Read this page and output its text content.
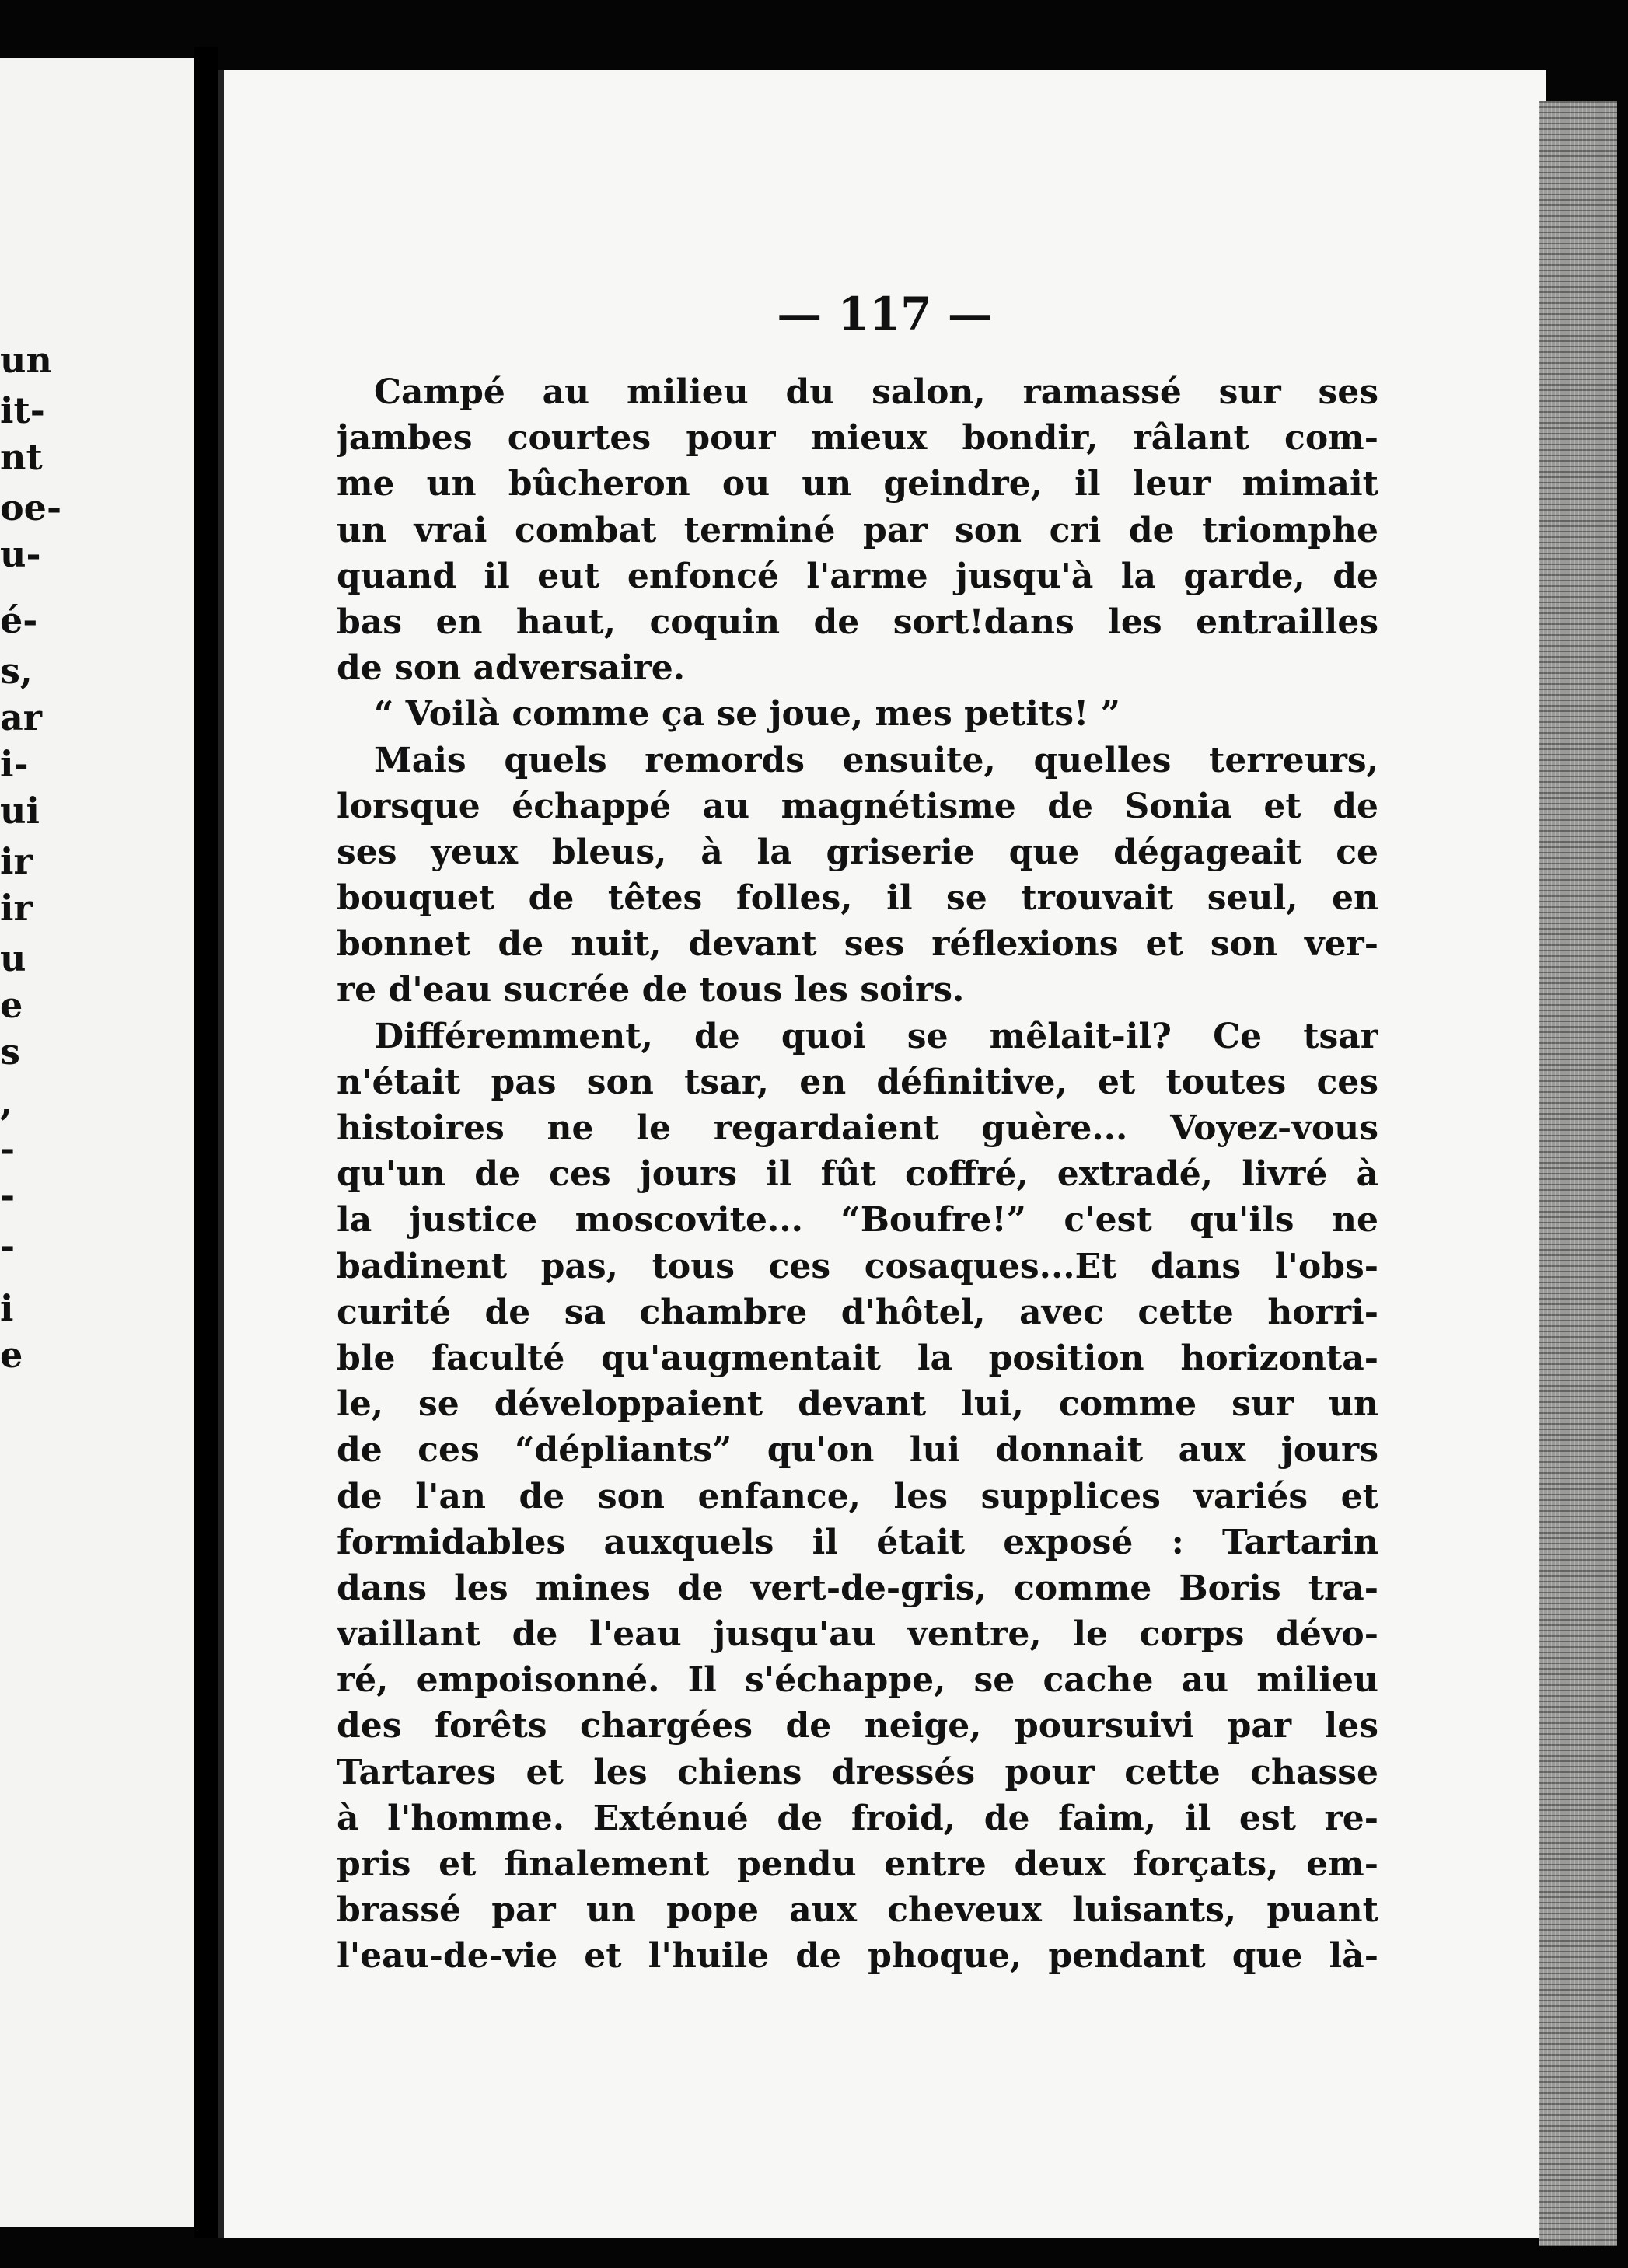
un
it-
nt
oe-
u-
é-
s,
ar
i-
ui
ir
ir
u
e
s
,
-
-
-
i
e
— 117 —
Campé au milieu du salon, ramassé sur ses
jambes courtes pour mieux bondir, râlant com-
me un bûcheron ou un geindre, il leur mimait
un vrai combat terminé par son cri de triomphe
quand il eut enfoncé l'arme jusqu'à la garde, de
bas en haut, coquin de sort!dans les entrailles
de son adversaire.
“ Voilà comme ça se joue, mes petits! ”
Mais quels remords ensuite, quelles terreurs,
lorsque échappé au magnétisme de Sonia et de
ses yeux bleus, à la griserie que dégageait ce
bouquet de têtes folles, il se trouvait seul, en
bonnet de nuit, devant ses réflexions et son ver-
re d'eau sucrée de tous les soirs.
Différemment, de quoi se mêlait-il? Ce tsar
n'était pas son tsar, en définitive, et toutes ces
histoires ne le regardaient guère... Voyez-vous
qu'un de ces jours il fût coffré, extradé, livré à
la justice moscovite... “Boufre!” c'est qu'ils ne
badinent pas, tous ces cosaques...Et dans l'obs-
curité de sa chambre d'hôtel, avec cette horri-
ble faculté qu'augmentait la position horizonta-
le, se développaient devant lui, comme sur un
de ces “dépliants” qu'on lui donnait aux jours
de l'an de son enfance, les supplices variés et
formidables auxquels il était exposé : Tartarin
dans les mines de vert-de-gris, comme Boris tra-
vaillant de l'eau jusqu'au ventre, le corps dévo-
ré, empoisonné. Il s'échappe, se cache au milieu
des forêts chargées de neige, poursuivi par les
Tartares et les chiens dressés pour cette chasse
à l'homme. Exténué de froid, de faim, il est re-
pris et finalement pendu entre deux forçats, em-
brassé par un pope aux cheveux luisants, puant
l'eau-de-vie et l'huile de phoque, pendant que là-
